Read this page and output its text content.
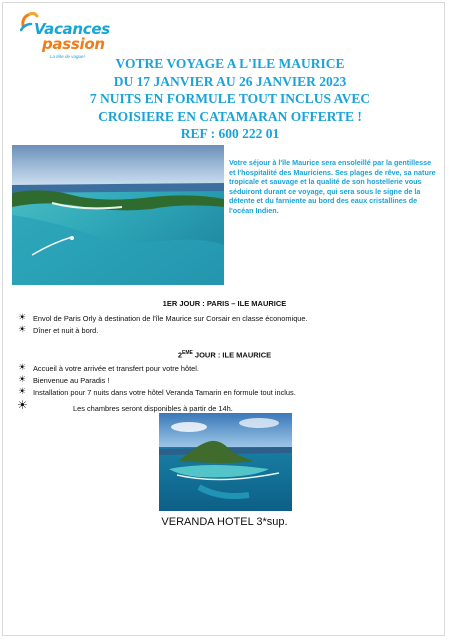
Vacances
passion
La tête de vague!	VOTRE VOYAGE A L'ILE MAURICE
DU 17 JANVIER AU 26 JANVIER 2023
7 NUITS EN FORMULE TOUT INCLUS AVEC
CROISIERE EN CATAMARAN OFFERTE !
REF : 600 222 01
Votre séjour à l'île Maurice sera ensoleillé par la gentillesse et l'hospitalité des Mauriciens. Ses plages de rêve, sa nature tropicale et sauvage et la qualité de son hostellerie vous séduiront durant ce voyage, qui sera sous le signe de la détente et du farniente au bord des eaux cristallines de l'océan Indien.
1ER JOUR : PARIS – ILE MAURICE
☀ Envol de Paris Orly à destination de l'île Maurice sur Corsair en classe économique.
☀ Dîner et nuit à bord.
2EME JOUR : ILE MAURICE
☀ Accueil à votre arrivée et transfert pour votre hôtel.
☀ Bienvenue au Paradis !
☀ Installation pour 7 nuits dans votre hôtel Veranda Tamarin en formule tout inclus.
☀	Les chambres seront disponibles à partir de 14h.
VERANDA HOTEL 3*sup.
